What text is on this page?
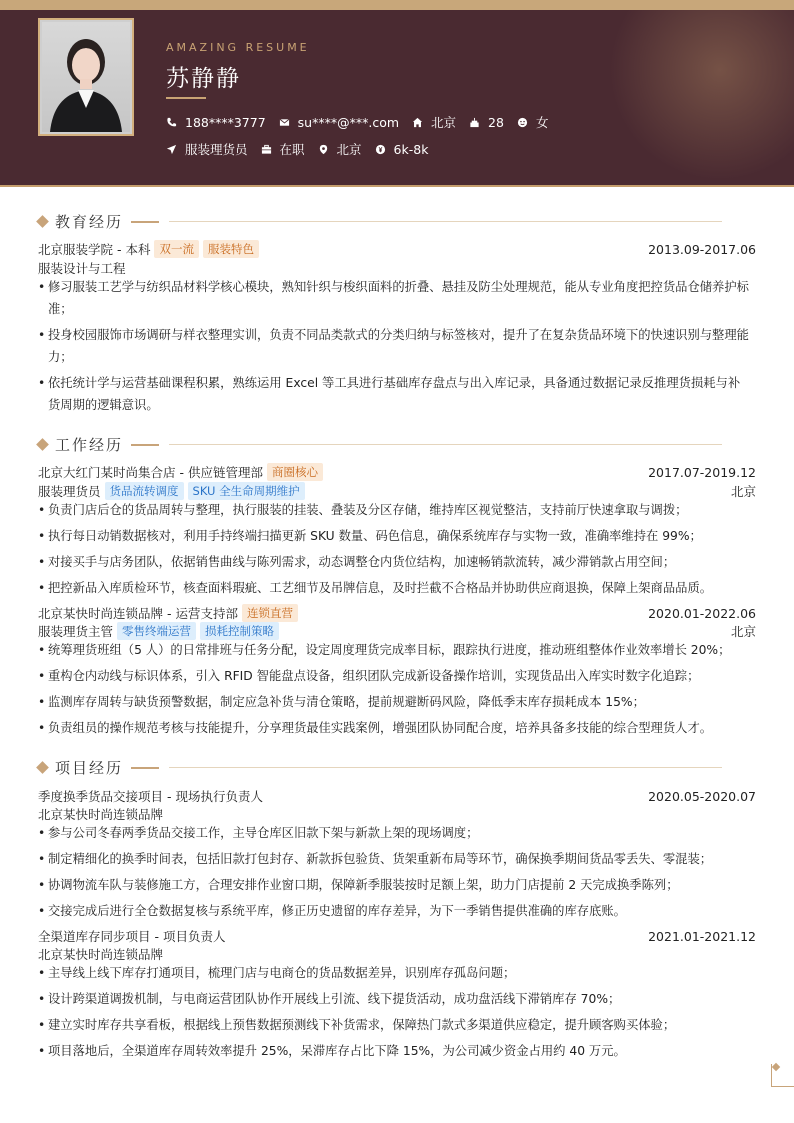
AMAZING RESUME
苏静静
188****3777	su****@***.com	北京	28	女
服装理货员	在职	北京	6k-8k
教育经历
北京服装学院 - 本科 双一流	服装特色	2013.09-2017.06
服装设计与工程
• 修习服装工艺学与纺织品材料学核心模块，熟知针织与梭织面料的折叠、悬挂及防尘处理规范，能从专业角度把控货品仓储养护标准；
• 投身校园服饰市场调研与样衣整理实训，负责不同品类款式的分类归纳与标签核对，提升了在复杂货品环境下的快速识别与整理能力；
• 依托统计学与运营基础课程积累，熟练运用 Excel 等工具进行基础库存盘点与出入库记录，具备通过数据记录反推理货损耗与补货周期的逻辑意识。
工作经历
北京大红门某时尚集合店 - 供应链管理部 商圈核心	2017.07-2019.12
服装理货员 货品流转调度	SKU 全生命周期维护	北京
• 负责门店后仓的货品周转与整理，执行服装的挂装、叠装及分区存储，维持库区视觉整洁，支持前厅快速拿取与调拨；
• 执行每日动销数据核对，利用手持终端扫描更新 SKU 数量、码色信息，确保系统库存与实物一致，准确率维持在 99%；
• 对接买手与店务团队，依据销售曲线与陈列需求，动态调整仓内货位结构，加速畅销款流转，减少滞销款占用空间；
• 把控新品入库质检环节，核查面料瑕疵、工艺细节及吊牌信息，及时拦截不合格品并协助供应商退换，保障上架商品品质。
北京某快时尚连锁品牌 - 运营支持部 连锁直营	2020.01-2022.06
服装理货主管 零售终端运营	损耗控制策略	北京
• 统筹理货班组（5 人）的日常排班与任务分配，设定周度理货完成率目标，跟踪执行进度，推动班组整体作业效率增长 20%；
• 重构仓内动线与标识体系，引入 RFID 智能盘点设备，组织团队完成新设备操作培训，实现货品出入库实时数字化追踪；
• 监测库存周转与缺货预警数据，制定应急补货与清仓策略，提前规避断码风险，降低季末库存损耗成本 15%；
• 负责组员的操作规范考核与技能提升，分享理货最佳实践案例，增强团队协同配合度，培养具备多技能的综合型理货人才。
项目经历
季度换季货品交接项目 - 现场执行负责人	2020.05-2020.07
北京某快时尚连锁品牌
• 参与公司冬春两季货品交接工作，主导仓库区旧款下架与新款上架的现场调度；
• 制定精细化的换季时间表，包括旧款打包封存、新款拆包验货、货架重新布局等环节，确保换季期间货品零丢失、零混装；
• 协调物流车队与装修施工方，合理安排作业窗口期，保障新季服装按时足额上架，助力门店提前 2 天完成换季陈列；
• 交接完成后进行全仓数据复核与系统平库，修正历史遗留的库存差异，为下一季销售提供准确的库存底账。
全渠道库存同步项目 - 项目负责人	2021.01-2021.12
北京某快时尚连锁品牌
• 主导线上线下库存打通项目，梳理门店与电商仓的货品数据差异，识别库存孤岛问题；
• 设计跨渠道调拨机制，与电商运营团队协作开展线上引流、线下提货活动，成功盘活线下滞销库存 70%；
• 建立实时库存共享看板，根据线上预售数据预测线下补货需求，保障热门款式多渠道供应稳定，提升顾客购买体验；
• 项目落地后，全渠道库存周转效率提升 25%，呆滞库存占比下降 15%，为公司减少资金占用约 40 万元。
